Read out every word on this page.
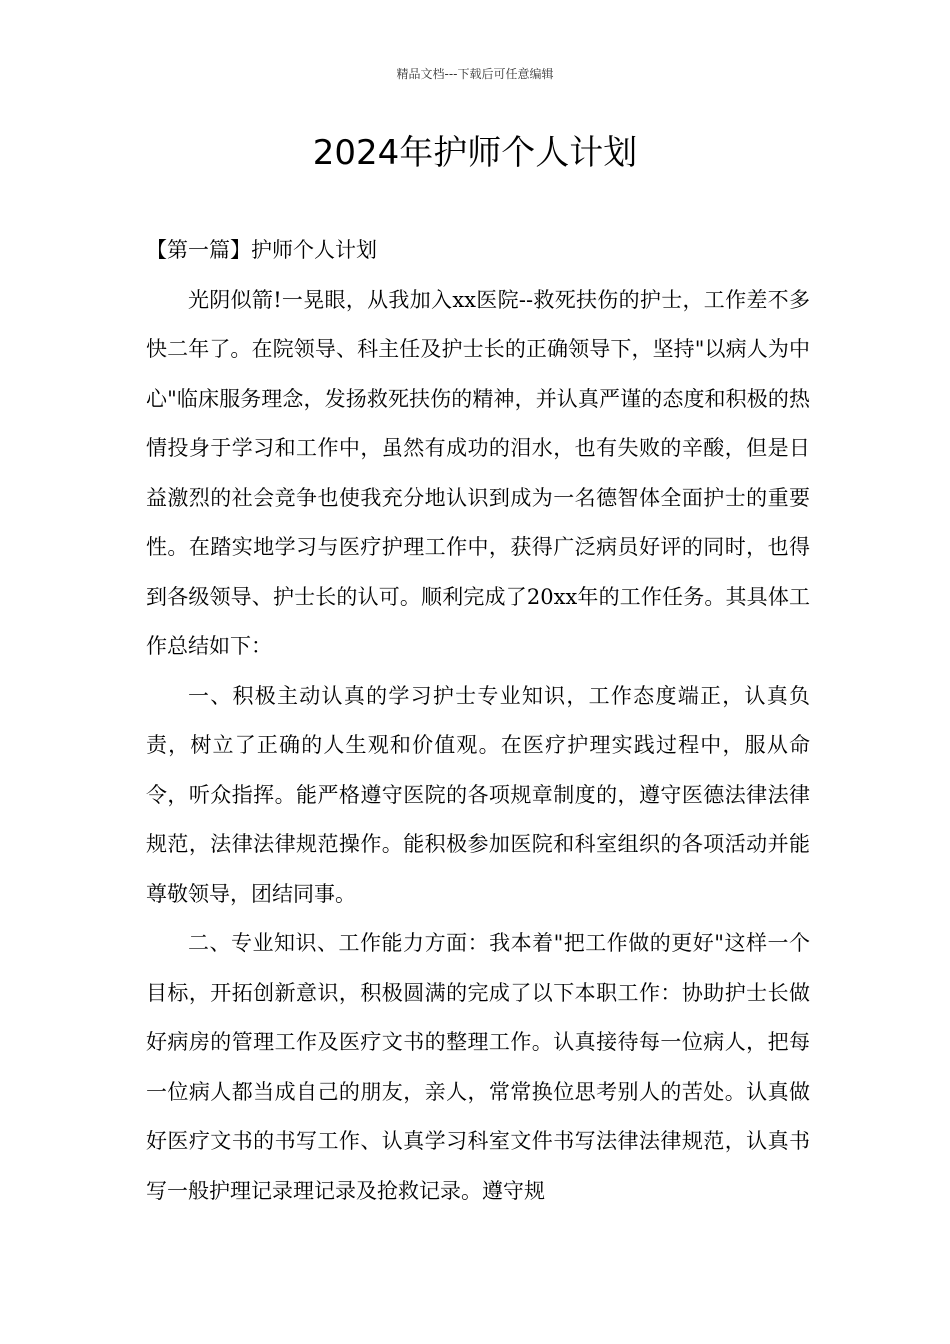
精品文档---下载后可任意编辑
2024年护师个人计划

【第一篇】护师个人计划

光阴似箭!一晃眼，从我加入xx医院--救死扶伤的护士，工作差不多快二年了。在院领导、科主任及护士长的正确领导下，坚持"以病人为中心"临床服务理念，发扬救死扶伤的精神，并认真严谨的态度和积极的热情投身于学习和工作中，虽然有成功的泪水，也有失败的辛酸，但是日益激烈的社会竞争也使我充分地认识到成为一名德智体全面护士的重要性。在踏实地学习与医疗护理工作中，获得广泛病员好评的同时，也得到各级领导、护士长的认可。顺利完成了20xx年的工作任务。其具体工作总结如下：

一、积极主动认真的学习护士专业知识，工作态度端正，认真负责，树立了正确的人生观和价值观。在医疗护理实践过程中，服从命令，听众指挥。能严格遵守医院的各项规章制度的，遵守医德法律法律规范，法律法律规范操作。能积极参加医院和科室组织的各项活动并能尊敬领导，团结同事。

二、专业知识、工作能力方面：我本着"把工作做的更好"这样一个目标，开拓创新意识，积极圆满的完成了以下本职工作：协助护士长做好病房的管理工作及医疗文书的整理工作。认真接待每一位病人，把每一位病人都当成自己的朋友，亲人，常常换位思考别人的苦处。认真做好医疗文书的书写工作、认真学习科室文件书写法律法律规范，认真书写一般护理记录理记录及抢救记录。遵守规
